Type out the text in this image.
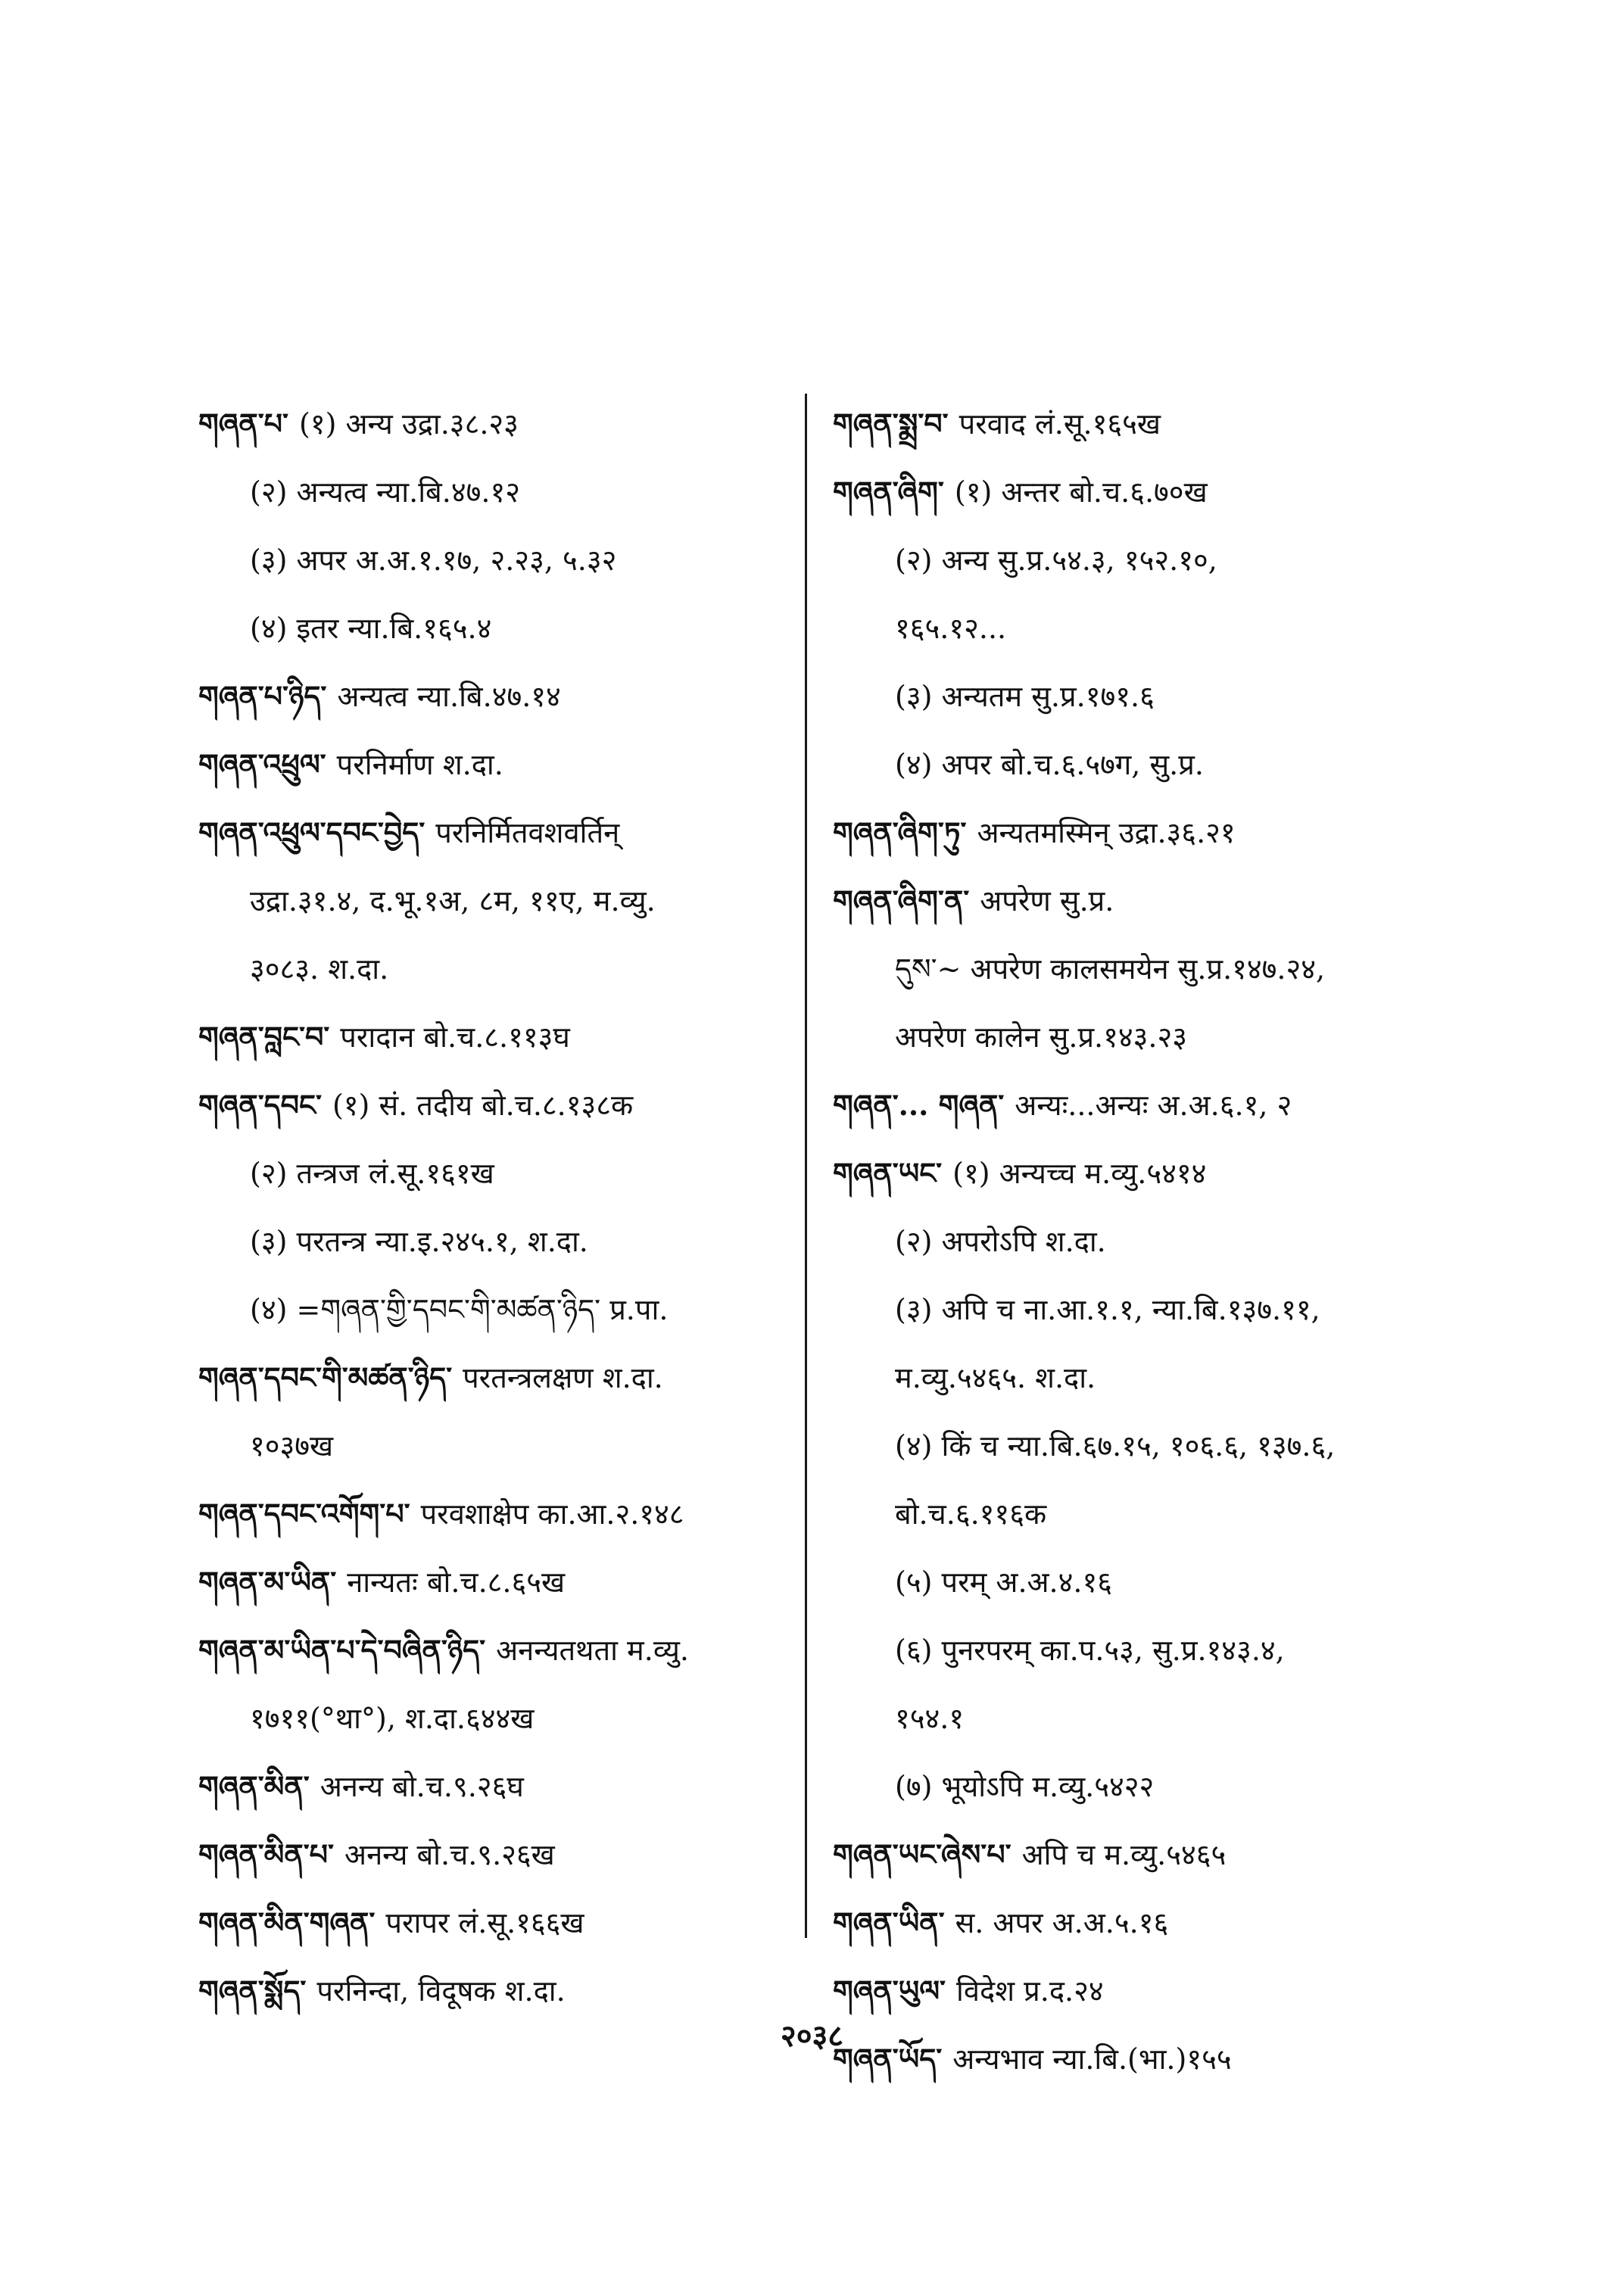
གཞན་པ་ (१) अन्य उद्रा.३८.२३
(२) अन्यत्व न्या.बि.४७.१२
(३) अपर अ.अ.१.१७, २.२३, ५.३२
(४) इतर न्या.बि.१६५.४
གཞན་པ་ཉིད་ अन्यत्व न्या.बि.४७.१४
གཞན་འཕྲུལ་ परनिर्माण श.दा.
གཞན་འཕྲུལ་དབང་བྱེད་ परनिर्मितवशवर्तिन्
उद्रा.३१.४, द.भू.१अ, ८म, ११ए, म.व्यु.
३०८३. श.दा.
གཞན་བླང་བ་ परादान बो.च.८.११३घ
གཞན་དབང་ (१) सं. तदीय बो.च.८.१३८क
(२) तन्त्रज लं.सू.१६१ख
(३) परतन्त्र न्या.इ.२४५.१, श.दा.
(४) =གཞན་གྱི་དབང་གི་མཚན་ཉིད་ प्र.पा.
གཞན་དབང་གི་མཚན་ཉིད་ परतन्त्रलक्षण श.दा.
१०३७ख
གཞན་དབང་འགོག་པ་ परवशाक्षेप का.आ.२.१४८
གཞན་མ་ཡིན་ नान्यतः बो.च.८.६५ख
གཞན་མ་ཡིན་པ་དེ་བཞིན་ཉིད་ अनन्यतथता म.व्यु.
१७११(°था°), श.दा.६४४ख
གཞན་མིན་ अनन्य बो.च.९.२६घ
གཞན་མིན་པ་ अनन्य बो.च.९.२६ख
གཞན་མིན་གཞན་ परापर लं.सू.१६६ख
གཞན་སྨོད་ परनिन्दा, विदूषक श.दा.
གཞན་སྨྲ་བ་ परवाद लं.सू.१६५ख
གཞན་ཞིག་ (१) अन्तर बो.च.६.७०ख
(२) अन्य सु.प्र.५४.३, १५२.१०,
१६५.१२...
(३) अन्यतम सु.प्र.१७१.६
(४) अपर बो.च.६.५७ग, सु.प्र.
གཞན་ཞིག་ཏུ་ अन्यतमस्मिन् उद्रा.३६.२१
གཞན་ཞིག་ན་ अपरेण सु.प्र.
དུས་~ अपरेण कालसमयेन सु.प्र.१४७.२४,
अपरेण कालेन सु.प्र.१४३.२३
གཞན་... གཞན་ अन्यः...अन्यः अ.अ.६.१, २
གཞན་ཡང་ (१) अन्यच्च म.व्यु.५४१४
(२) अपरोऽपि श.दा.
(३) अपि च ना.आ.१.१, न्या.बि.१३७.११,
म.व्यु.५४६५. श.दा.
(४) किं च न्या.बि.६७.१५, १०६.६, १३७.६,
बो.च.६.११६क
(५) परम् अ.अ.४.१६
(६) पुनरपरम् का.प.५३, सु.प्र.१४३.४,
१५४.१
(७) भूयोऽपि म.व्यु.५४२२
གཞན་ཡང་ཞེས་པ་ अपि च म.व्यु.५४६५
གཞན་ཡིན་ स. अपर अ.अ.५.१६
གཞན་ཡུལ་ विदेश प्र.द.२४
གཞན་ཡོད་ अन्यभाव न्या.बि.(भा.)१५५
२०३८
